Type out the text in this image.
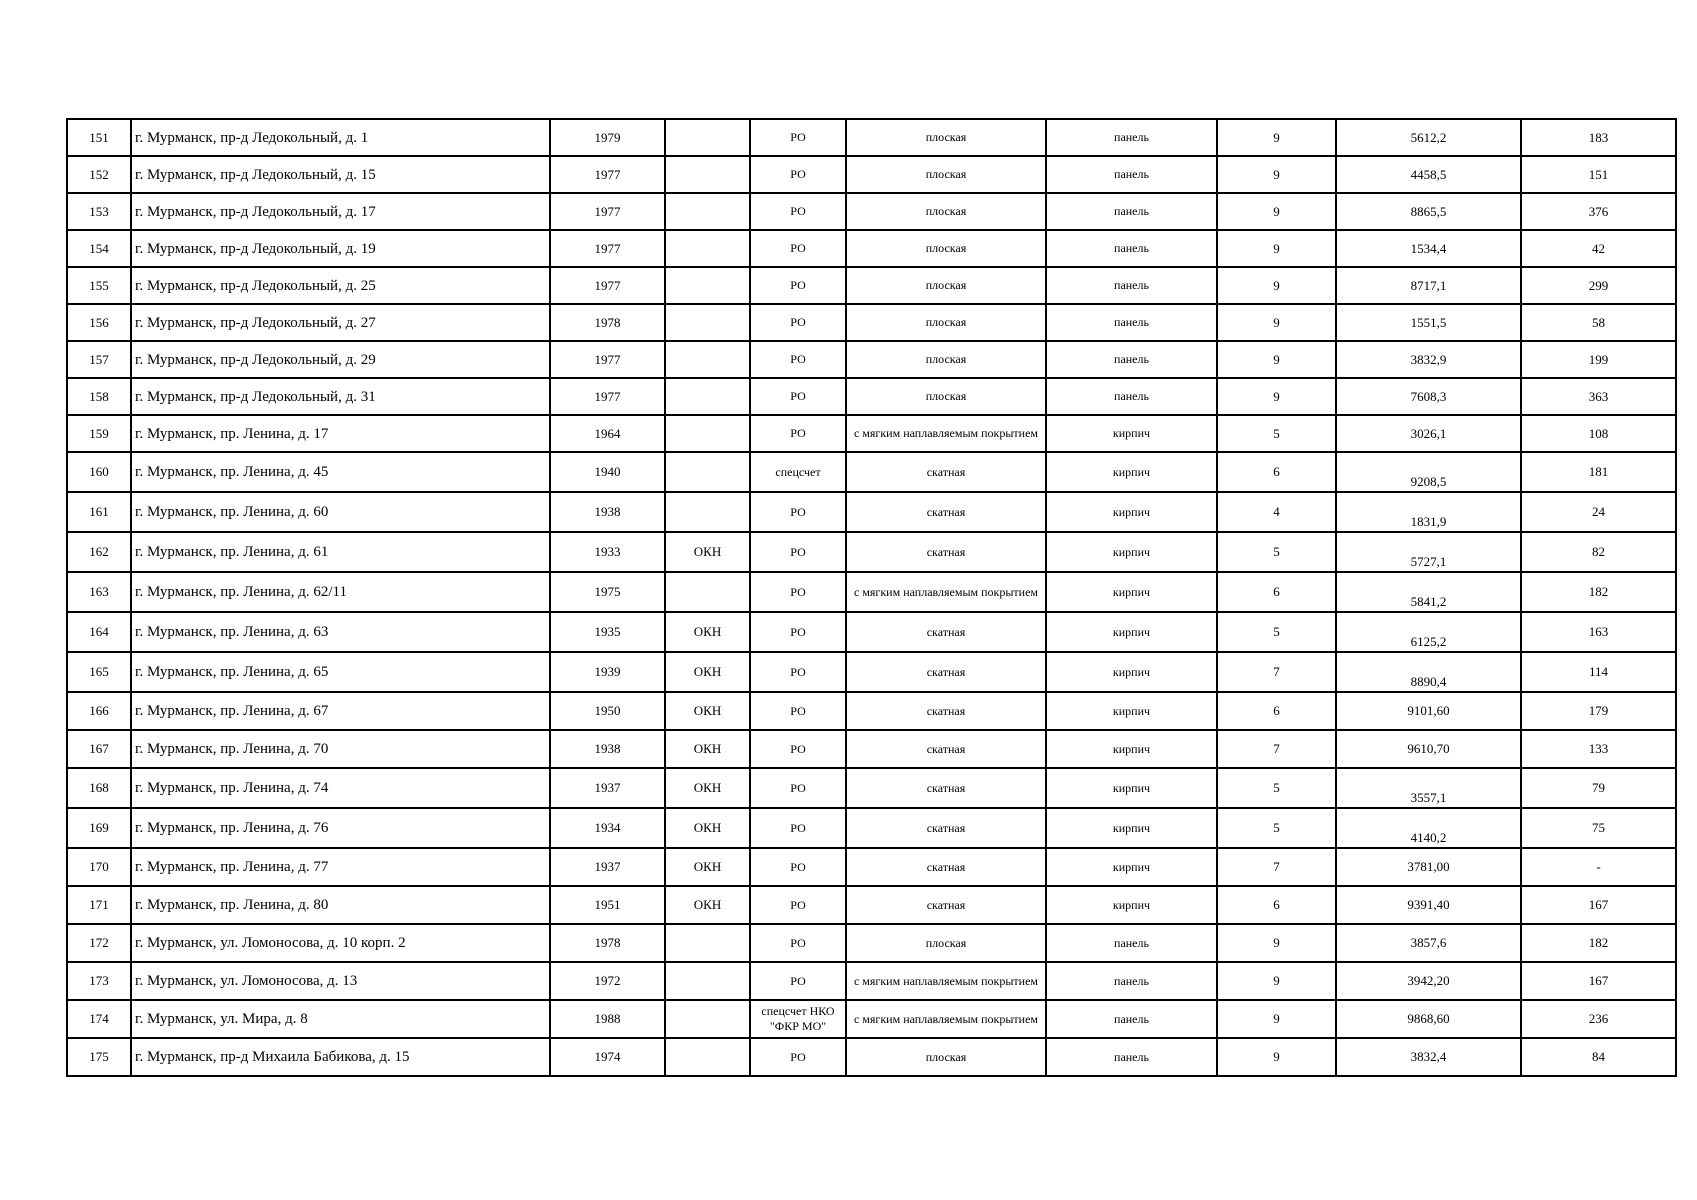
151	г. Мурманск, пр-д Ледокольный, д. 1	1979		РО	плоская	панель	9	5612,2	183
152	г. Мурманск, пр-д Ледокольный, д. 15	1977		РО	плоская	панель	9	4458,5	151
153	г. Мурманск, пр-д Ледокольный, д. 17	1977		РО	плоская	панель	9	8865,5	376
154	г. Мурманск, пр-д Ледокольный, д. 19	1977		РО	плоская	панель	9	1534,4	42
155	г. Мурманск, пр-д Ледокольный, д. 25	1977		РО	плоская	панель	9	8717,1	299
156	г. Мурманск, пр-д Ледокольный, д. 27	1978		РО	плоская	панель	9	1551,5	58
157	г. Мурманск, пр-д Ледокольный, д. 29	1977		РО	плоская	панель	9	3832,9	199
158	г. Мурманск, пр-д Ледокольный, д. 31	1977		РО	плоская	панель	9	7608,3	363
159	г. Мурманск, пр. Ленина, д. 17	1964		РО	с мягким наплавляемым покрытием	кирпич	5	3026,1	108
160	г. Мурманск, пр. Ленина, д. 45	1940		спецсчет	скатная	кирпич	6	9208,5	181
161	г. Мурманск, пр. Ленина, д. 60	1938		РО	скатная	кирпич	4	1831,9	24
162	г. Мурманск, пр. Ленина, д. 61	1933	ОКН	РО	скатная	кирпич	5	5727,1	82
163	г. Мурманск, пр. Ленина, д. 62/11	1975		РО	с мягким наплавляемым покрытием	кирпич	6	5841,2	182
164	г. Мурманск, пр. Ленина, д. 63	1935	ОКН	РО	скатная	кирпич	5	6125,2	163
165	г. Мурманск, пр. Ленина, д. 65	1939	ОКН	РО	скатная	кирпич	7	8890,4	114
166	г. Мурманск, пр. Ленина, д. 67	1950	ОКН	РО	скатная	кирпич	6	9101,60	179
167	г. Мурманск, пр. Ленина, д. 70	1938	ОКН	РО	скатная	кирпич	7	9610,70	133
168	г. Мурманск, пр. Ленина, д. 74	1937	ОКН	РО	скатная	кирпич	5	3557,1	79
169	г. Мурманск, пр. Ленина, д. 76	1934	ОКН	РО	скатная	кирпич	5	4140,2	75
170	г. Мурманск, пр. Ленина, д. 77	1937	ОКН	РО	скатная	кирпич	7	3781,00	-
171	г. Мурманск, пр. Ленина, д. 80	1951	ОКН	РО	скатная	кирпич	6	9391,40	167
172	г. Мурманск, ул. Ломоносова, д. 10 корп. 2	1978		РО	плоская	панель	9	3857,6	182
173	г. Мурманск, ул. Ломоносова, д. 13	1972		РО	с мягким наплавляемым покрытием	панель	9	3942,20	167
174	г. Мурманск, ул. Мира, д. 8	1988		спецсчет НКО "ФКР МО"	с мягким наплавляемым покрытием	панель	9	9868,60	236
175	г. Мурманск, пр-д Михаила Бабикова, д. 15	1974		РО	плоская	панель	9	3832,4	84
